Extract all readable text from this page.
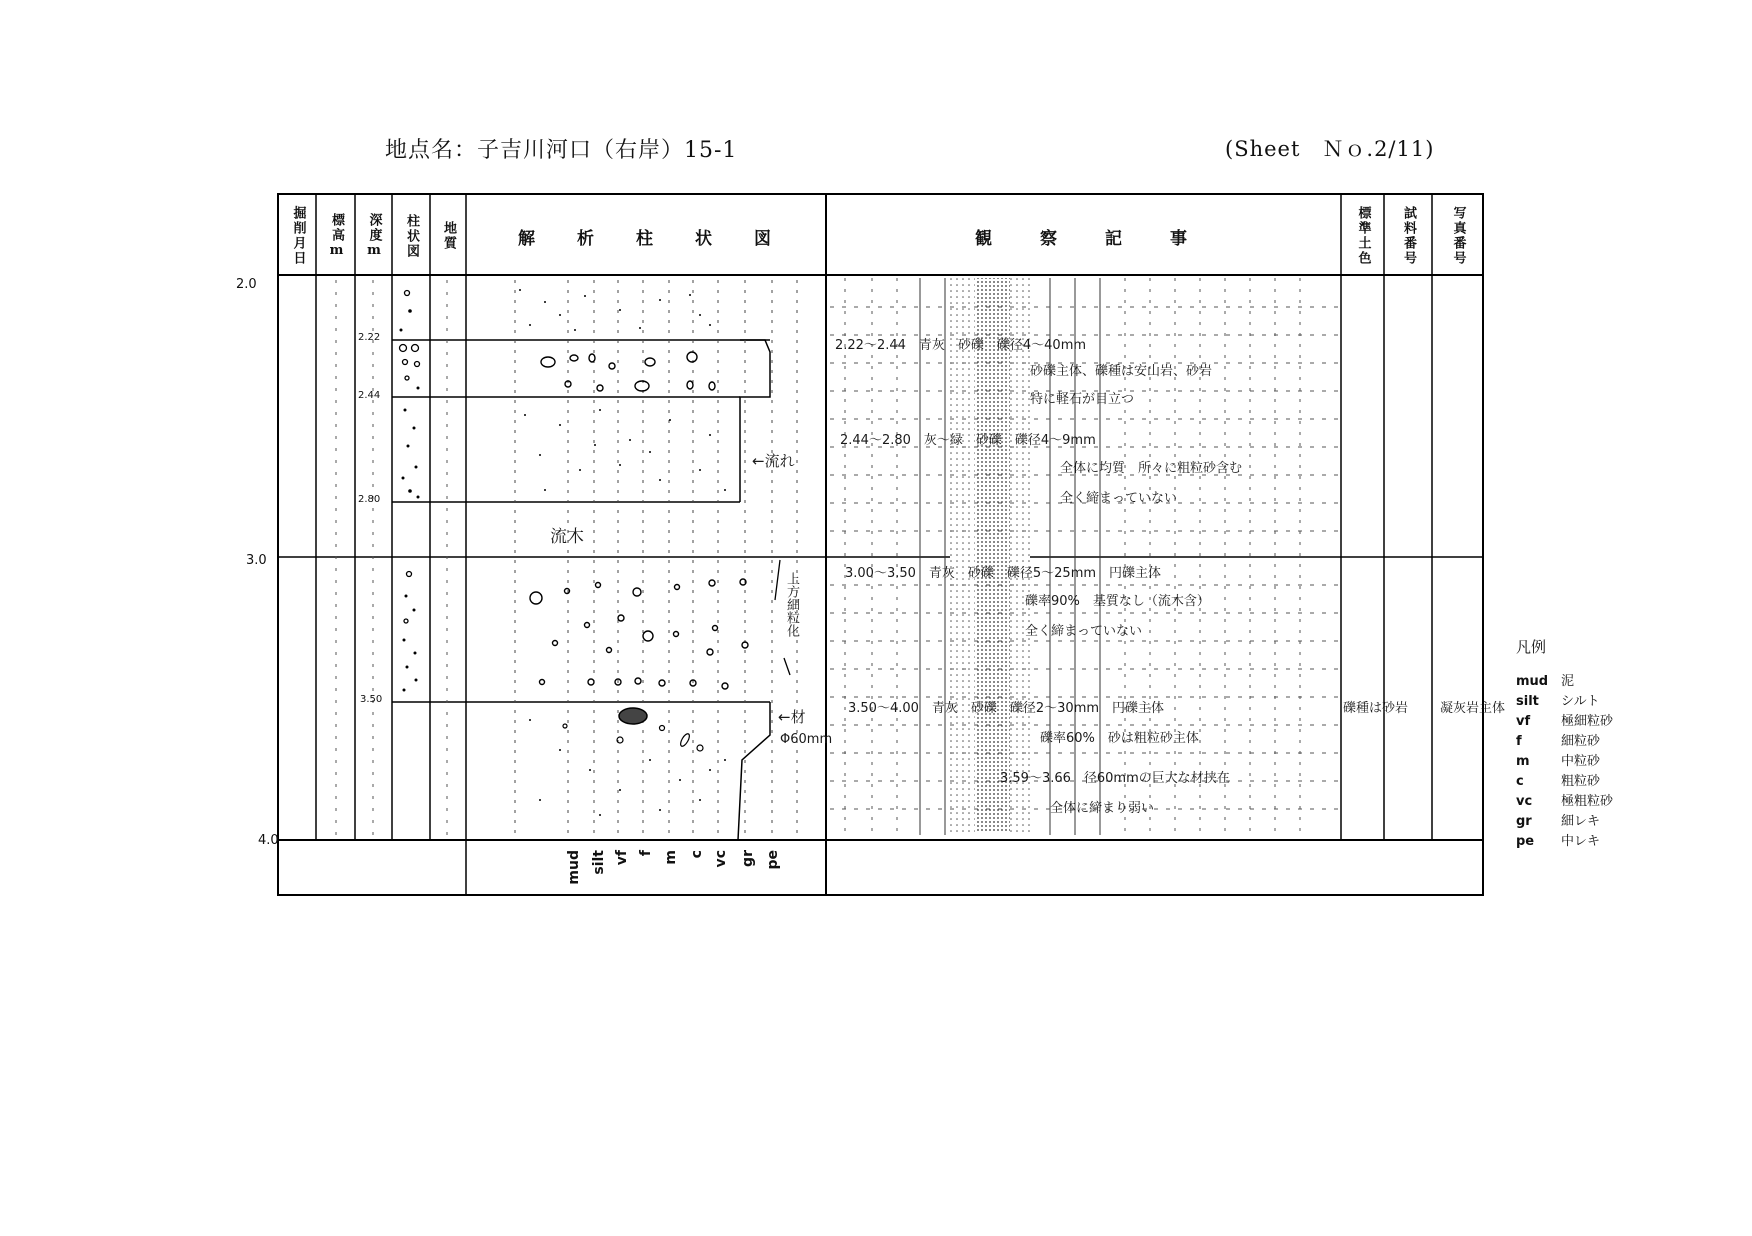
地点名：子吉川河口（右岸）15-1	(Sheet　Ｎｏ.2/11)
掘削月日	標高m	深度m	柱状図	地質	解析柱状図	観察記事	標準土色	試料番号	写真番号
2.0
3.0
4.0
2.22
2.44
2.80
3.50
←流れ
流木
上方細粒化
←材
Φ60mm
2.22～2.44　青灰　砂礫　礫径4～40mm
砂礫主体、礫種は安山岩、砂岩
特に軽石が目立つ
2.44～2.80　灰～緑　砂礫　礫径4～9mm
全体に均質　所々に粗粒砂含む
全く締まっていない
3.00～3.50　青灰　砂礫　礫径5～25mm　円礫主体
礫率90%　基質なし（流木含）
全く締まっていない
3.50～4.00　青灰　砂礫　礫径2～30mm　円礫主体
礫率60%　砂は粗粒砂主体
3.59～3.66　径60mmの巨大な材挟在
全体に締まり弱い
礫種は砂岩 凝灰岩主体
mud silt vf f m c vc gr pe
凡例
mud 泥
silt シルト
vf 極細粒砂
f	細粒砂
m 中粒砂
c	粗粒砂
vc 極粗粒砂
gr 細レキ
pe 中レキ
